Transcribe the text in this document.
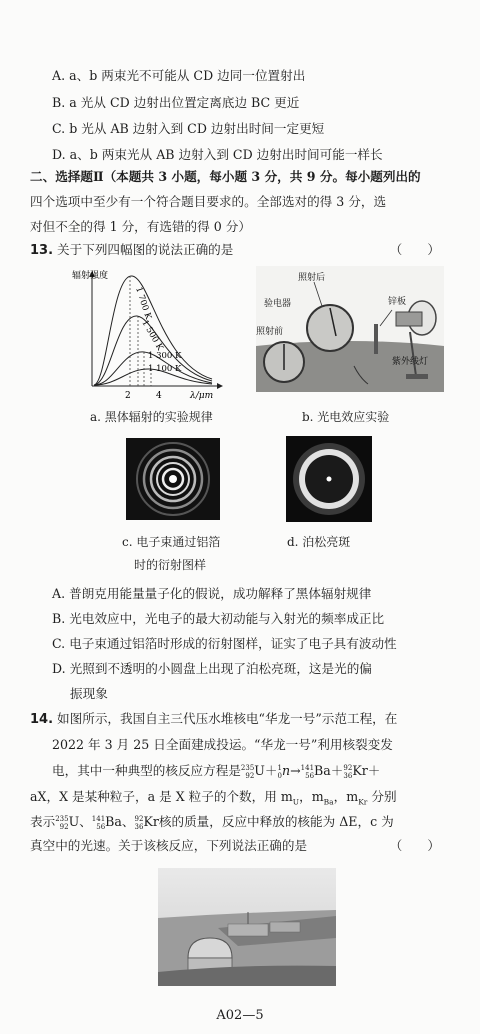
A. a、b 两束光不可能从 CD 边同一位置射出
B. a 光从 CD 边射出位置定离底边 BC 更近
C. b 光从 AB 边射入到 CD 边射出时间一定更短
D. a、b 两束光从 AB 边射入到 CD 边射出时间可能一样长
二、选择题Ⅱ（本题共 3 小题，每小题 3 分，共 9 分。每小题列出的
四个选项中至少有一个符合题目要求的。全部选对的得 3 分，选
对但不全的得 1 分，有选错的得 0 分）
13. 关于下列四幅图的说法正确的是	（　　）
辐射强度
λ/μm
2	4
1 700 K
1 500 K
1 300 K
1 100 K
a. 黑体辐射的实验规律
照射后
验电器
照射前
锌板
紫外线灯
b. 光电效应实验
c. 电子束通过铝箔
时的衍射图样
d. 泊松亮斑
A. 普朗克用能量量子化的假说，成功解释了黑体辐射规律
B. 光电效应中，光电子的最大初动能与入射光的频率成正比
C. 电子束通过铝箔时形成的衍射图样，证实了电子具有波动性
D. 光照到不透明的小圆盘上出现了泊松亮斑，这是光的偏
振现象
14. 如图所示，我国自主三代压水堆核电“华龙一号”示范工程，在
2022 年 3 月 25 日全面建成投运。“华龙一号”利用核裂变发
电，其中一种典型的核反应方程是235
92U＋1
0n→141
56Ba＋92
36Kr＋
aX，X 是某种粒子，a 是 X 粒子的个数，用 $m_U$，$m_{Ba}$，$m_{Kr}$ 分别
表示235
92U、141
56Ba、92
36Kr核的质量，反应中释放的核能为 ΔE，c 为
真空中的光速。关于该核反应，下列说法正确的是	（　　）
A02—5
